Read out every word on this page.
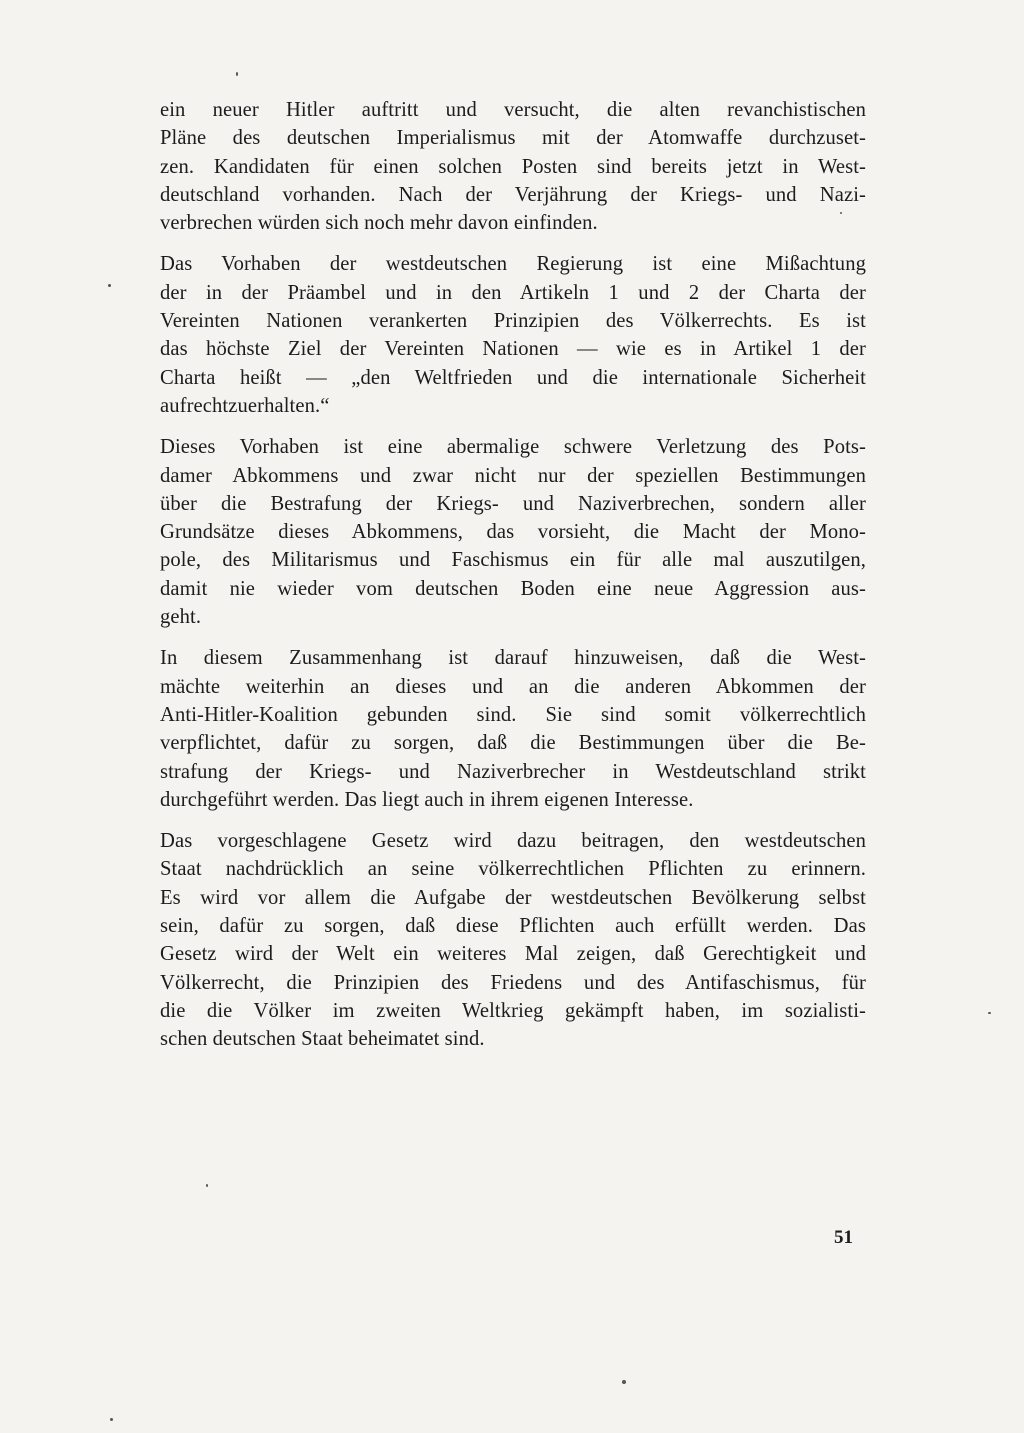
ein neuer Hitler auftritt und versucht, die alten revanchistischen
Pläne des deutschen Imperialismus mit der Atomwaffe durchzuset-
zen. Kandidaten für einen solchen Posten sind bereits jetzt in West-
deutschland vorhanden. Nach der Verjährung der Kriegs- und Nazi-
verbrechen würden sich noch mehr davon einfinden.

Das Vorhaben der westdeutschen Regierung ist eine Mißachtung
der in der Präambel und in den Artikeln 1 und 2 der Charta der
Vereinten Nationen verankerten Prinzipien des Völkerrechts. Es ist
das höchste Ziel der Vereinten Nationen — wie es in Artikel 1 der
Charta heißt — „den Weltfrieden und die internationale Sicherheit
aufrechtzuerhalten.“

Dieses Vorhaben ist eine abermalige schwere Verletzung des Pots-
damer Abkommens und zwar nicht nur der speziellen Bestimmungen
über die Bestrafung der Kriegs- und Naziverbrechen, sondern aller
Grundsätze dieses Abkommens, das vorsieht, die Macht der Mono-
pole, des Militarismus und Faschismus ein für alle mal auszutilgen,
damit nie wieder vom deutschen Boden eine neue Aggression aus-
geht.

In diesem Zusammenhang ist darauf hinzuweisen, daß die West-
mächte weiterhin an dieses und an die anderen Abkommen der
Anti-Hitler-Koalition gebunden sind. Sie sind somit völkerrechtlich
verpflichtet, dafür zu sorgen, daß die Bestimmungen über die Be-
strafung der Kriegs- und Naziverbrecher in Westdeutschland strikt
durchgeführt werden. Das liegt auch in ihrem eigenen Interesse.

Das vorgeschlagene Gesetz wird dazu beitragen, den westdeutschen
Staat nachdrücklich an seine völkerrechtlichen Pflichten zu erinnern.
Es wird vor allem die Aufgabe der westdeutschen Bevölkerung selbst
sein, dafür zu sorgen, daß diese Pflichten auch erfüllt werden. Das
Gesetz wird der Welt ein weiteres Mal zeigen, daß Gerechtigkeit und
Völkerrecht, die Prinzipien des Friedens und des Antifaschismus, für
die die Völker im zweiten Weltkrieg gekämpft haben, im sozialisti-
schen deutschen Staat beheimatet sind.

51
